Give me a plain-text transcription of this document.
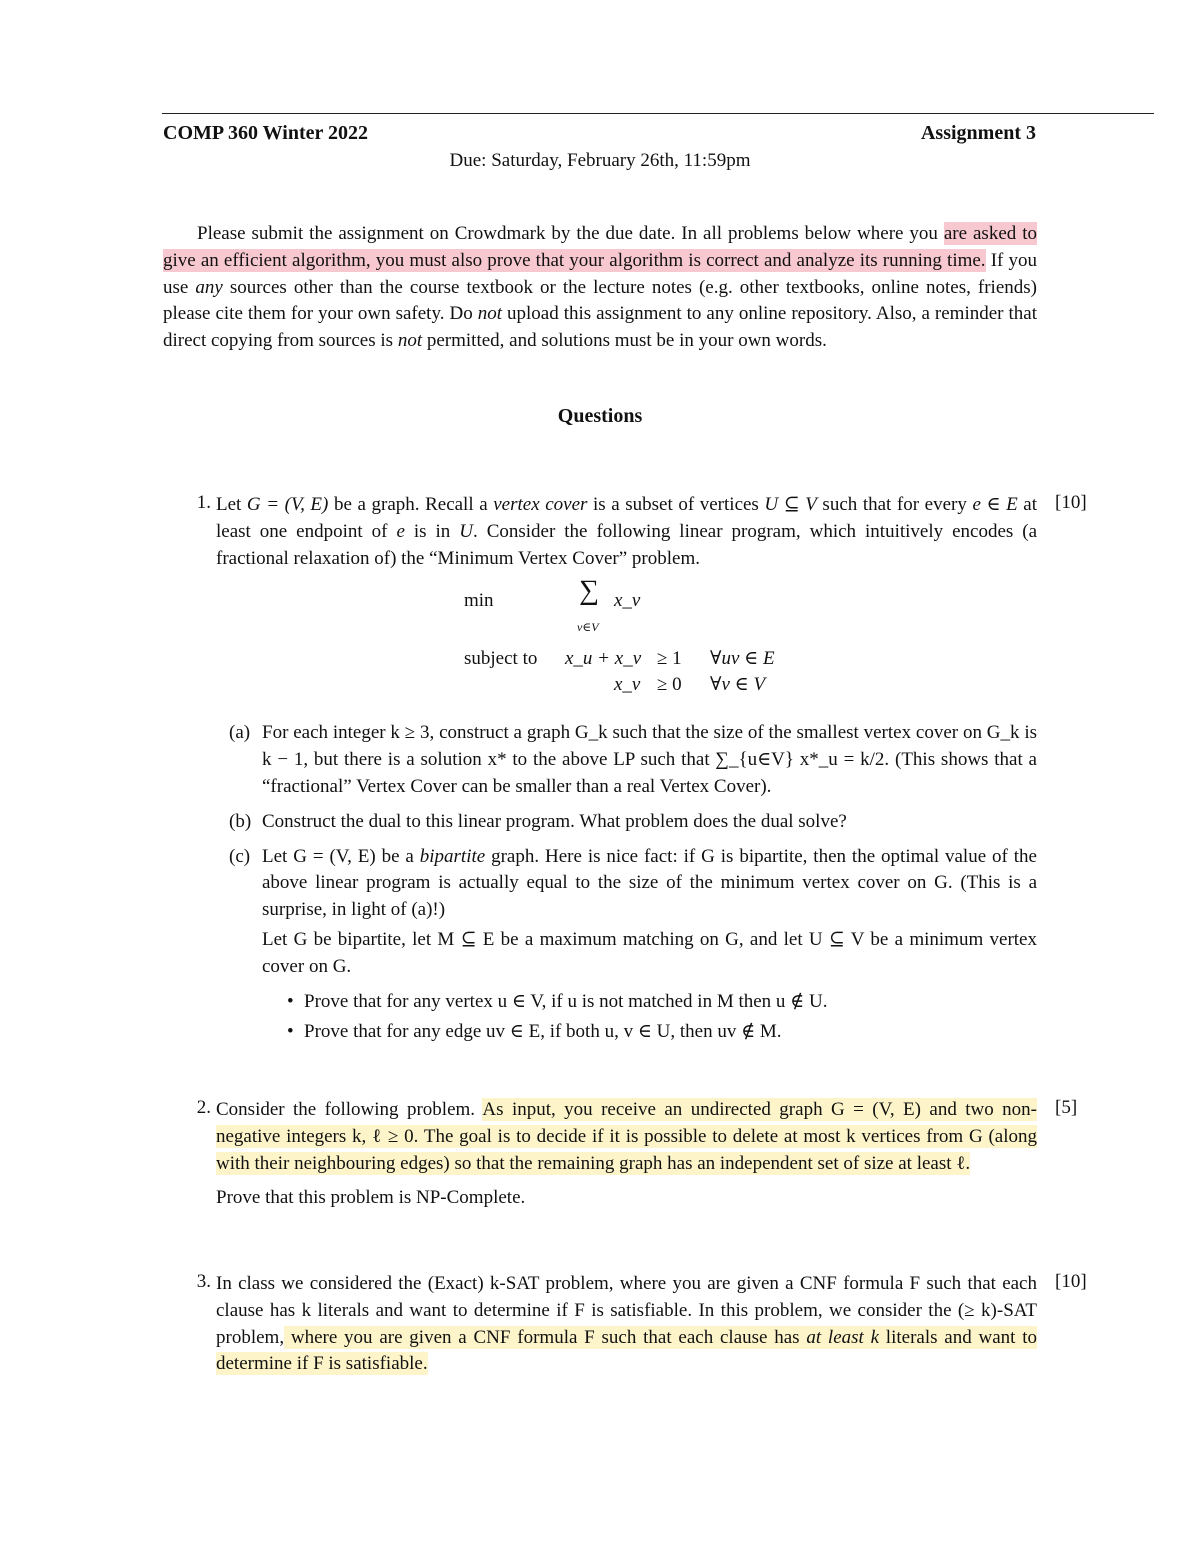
COMP 360 Winter 2022	Assignment 3
Due: Saturday, February 26th, 11:59pm

Please submit the assignment on Crowdmark by the due date. In all problems below where you are asked to give an efficient algorithm, you must also prove that your algorithm is correct and analyze its running time. If you use any sources other than the course textbook or the lecture notes (e.g. other textbooks, online notes, friends) please cite them for your own safety. Do not upload this assignment to any online repository. Also, a reminder that direct copying from sources is not permitted, and solutions must be in your own words.

Questions
1.	[10]

Let G = (V, E) be a graph. Recall a vertex cover is a subset of vertices U ⊆ V such that for every e ∈ E at least one endpoint of e is in U. Consider the following linear program, which intuitively encodes (a fractional relaxation of) the “Minimum Vertex Cover” problem.

min	∑ x_v
v∈V
subject to x_u + x_v ≥ 1 ∀uv ∈ E
x_v ≥ 0 ∀v ∈ V
(a) For each integer k ≥ 3, construct a graph G_k such that the size of the smallest vertex cover on G_k is k − 1, but there is a solution x* to the above LP such that ∑_{u∈V} x*_u = k/2. (This shows that a “fractional” Vertex Cover can be smaller than a real Vertex Cover).
(b) Construct the dual to this linear program. What problem does the dual solve?
(c) Let G = (V, E) be a bipartite graph. Here is nice fact: if G is bipartite, then the optimal value of the above linear program is actually equal to the size of the minimum vertex cover on G. (This is a surprise, in light of (a)!)

Let G be bipartite, let M ⊆ E be a maximum matching on G, and let U ⊆ V be a minimum vertex cover on G.

• Prove that for any vertex u ∈ V, if u is not matched in M then u ∉ U.
• Prove that for any edge uv ∈ E, if both u, v ∈ U, then uv ∉ M.
2.	[5]

Consider the following problem. As input, you receive an undirected graph G = (V, E) and two non-negative integers k, ℓ ≥ 0. The goal is to decide if it is possible to delete at most k vertices from G (along with their neighbouring edges) so that the remaining graph has an independent set of size at least ℓ.

Prove that this problem is NP-Complete.

3.	[10]

In class we considered the (Exact) k-SAT problem, where you are given a CNF formula F such that each clause has k literals and want to determine if F is satisfiable. In this problem, we consider the (≥ k)-SAT problem, where you are given a CNF formula F such that each clause has at least k literals and want to determine if F is satisfiable.
